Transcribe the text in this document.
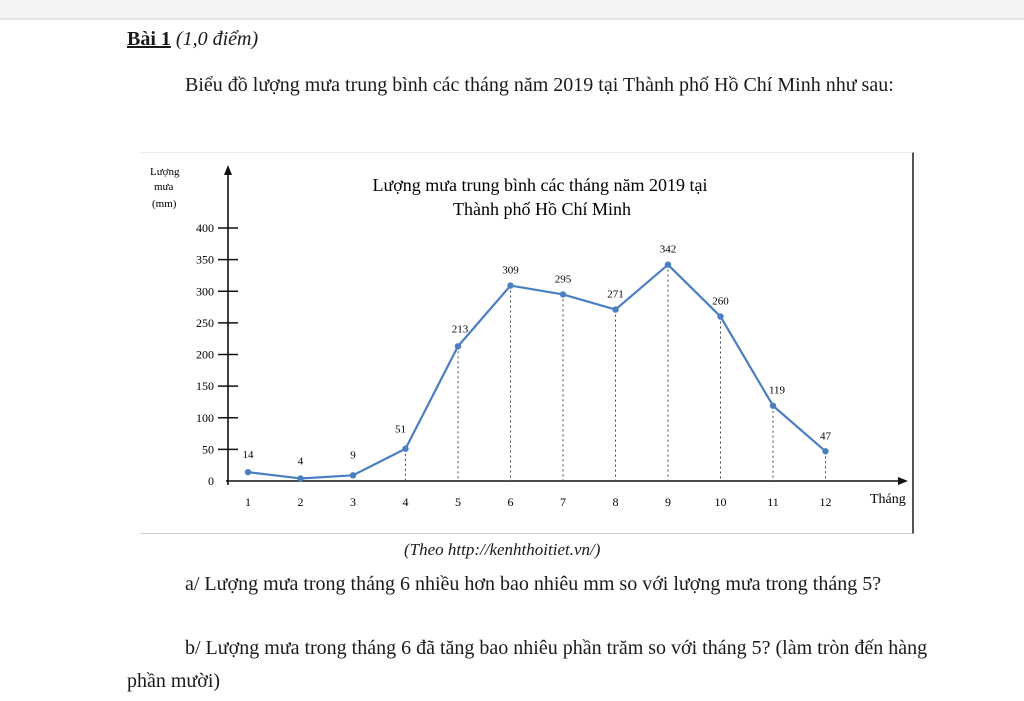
Bài 1 (1,0 điểm)
Biểu đồ lượng mưa trung bình các tháng năm 2019 tại Thành phố Hồ Chí Minh như sau:
Lượng
mưa
(mm)
Lượng mưa trung bình các tháng năm 2019 tại
Thành phố Hồ Chí Minh
Tháng
0
50
100
150
200
250
300
350
400
1	2	3	4	5	6	7	8	9	10	11	12
14
4
9
51
213
309
295
271
342
260
119
47
(Theo http://kenhthoitiet.vn/)
a/ Lượng mưa trong tháng 6 nhiều hơn bao nhiêu mm so với lượng mưa trong tháng 5?
b/ Lượng mưa trong tháng 6 đã tăng bao nhiêu phần trăm so với tháng 5? (làm tròn đến hàng phần mười)
